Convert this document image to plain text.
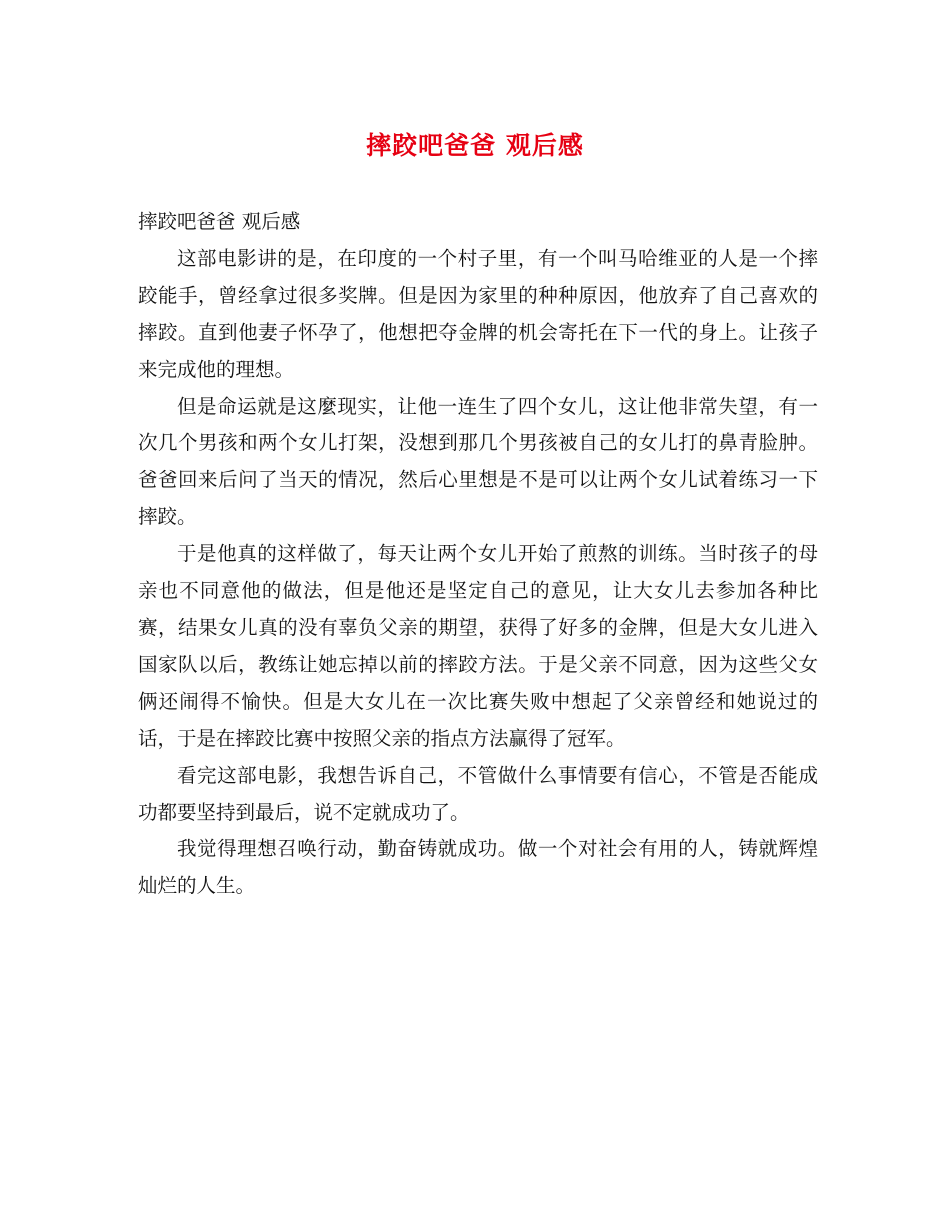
摔跤吧爸爸 观后感

摔跤吧爸爸 观后感

这部电影讲的是，在印度的一个村子里，有一个叫马哈维亚的人是一个摔跤能手，曾经拿过很多奖牌。但是因为家里的种种原因，他放弃了自己喜欢的摔跤。直到他妻子怀孕了，他想把夺金牌的机会寄托在下一代的身上。让孩子来完成他的理想。

但是命运就是这麼现实，让他一连生了四个女儿，这让他非常失望，有一次几个男孩和两个女儿打架，没想到那几个男孩被自己的女儿打的鼻青脸肿。爸爸回来后问了当天的情况，然后心里想是不是可以让两个女儿试着练习一下摔跤。

于是他真的这样做了，每天让两个女儿开始了煎熬的训练。当时孩子的母亲也不同意他的做法，但是他还是坚定自己的意见，让大女儿去参加各种比赛，结果女儿真的没有辜负父亲的期望，获得了好多的金牌，但是大女儿进入国家队以后，教练让她忘掉以前的摔跤方法。于是父亲不同意，因为这些父女俩还闹得不愉快。但是大女儿在一次比赛失败中想起了父亲曾经和她说过的话，于是在摔跤比赛中按照父亲的指点方法赢得了冠军。

看完这部电影，我想告诉自己，不管做什么事情要有信心，不管是否能成功都要坚持到最后，说不定就成功了。

我觉得理想召唤行动，勤奋铸就成功。做一个对社会有用的人，铸就辉煌灿烂的人生。
